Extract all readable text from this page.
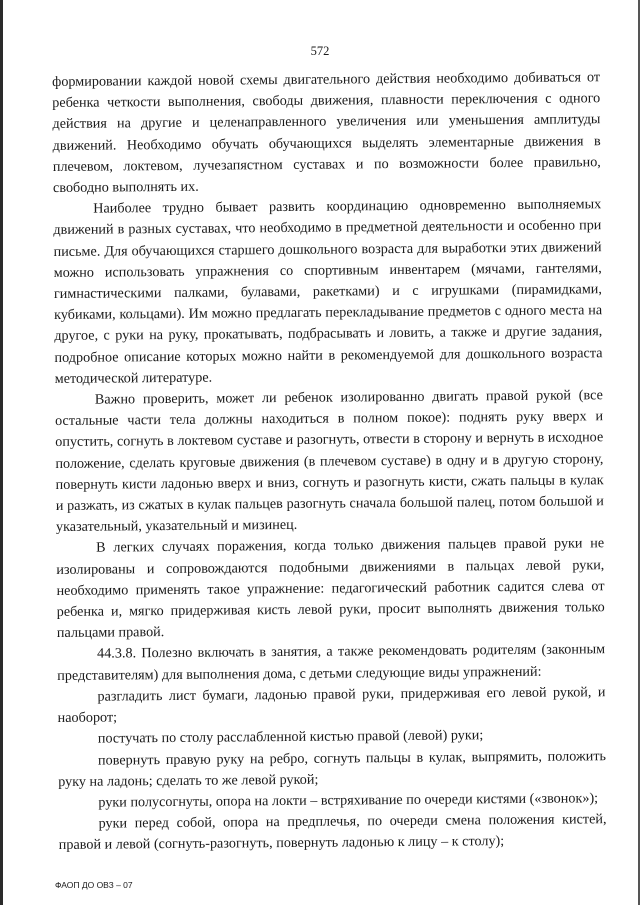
572

формировании каждой новой схемы двигательного действия необходимо добиваться от ребенка четкости выполнения, свободы движения, плавности переключения с одного действия на другие и целенаправленного увеличения или уменьшения амплитуды движений. Необходимо обучать обучающихся выделять элементарные движения в плечевом, локтевом, лучезапястном суставах и по возможности более правильно, свободно выполнять их.

Наиболее трудно бывает развить координацию одновременно выполняемых движений в разных суставах, что необходимо в предметной деятельности и особенно при письме. Для обучающихся старшего дошкольного возраста для выработки этих движений можно использовать упражнения со спортивным инвентарем (мячами, гантелями, гимнастическими палками, булавами, ракетками) и с игрушками (пирамидками, кубиками, кольцами). Им можно предлагать перекладывание предметов с одного места на другое, с руки на руку, прокатывать, подбрасывать и ловить, а также и другие задания, подробное описание которых можно найти в рекомендуемой для дошкольного возраста методической литературе.

Важно проверить, может ли ребенок изолированно двигать правой рукой (все остальные части тела должны находиться в полном покое): поднять руку вверх и опустить, согнуть в локтевом суставе и разогнуть, отвести в сторону и вернуть в исходное положение, сделать круговые движения (в плечевом суставе) в одну и в другую сторону, повернуть кисти ладонью вверх и вниз, согнуть и разогнуть кисти, сжать пальцы в кулак и разжать, из сжатых в кулак пальцев разогнуть сначала большой палец, потом большой и указательный, указательный и мизинец.

В легких случаях поражения, когда только движения пальцев правой руки не изолированы и сопровождаются подобными движениями в пальцах левой руки, необходимо применять такое упражнение: педагогический работник садится слева от ребенка и, мягко придерживая кисть левой руки, просит выполнять движения только пальцами правой.

44.3.8. Полезно включать в занятия, а также рекомендовать родителям (законным представителям) для выполнения дома, с детьми следующие виды упражнений:

разгладить лист бумаги, ладонью правой руки, придерживая его левой рукой, и наоборот;

постучать по столу расслабленной кистью правой (левой) руки;

повернуть правую руку на ребро, согнуть пальцы в кулак, выпрямить, положить руку на ладонь; сделать то же левой рукой;

руки полусогнуты, опора на локти – встряхивание по очереди кистями («звонок»);

руки перед собой, опора на предплечья, по очереди смена положения кистей, правой и левой (согнуть-разогнуть, повернуть ладонью к лицу – к столу);

ФАОП ДО ОВЗ – 07
